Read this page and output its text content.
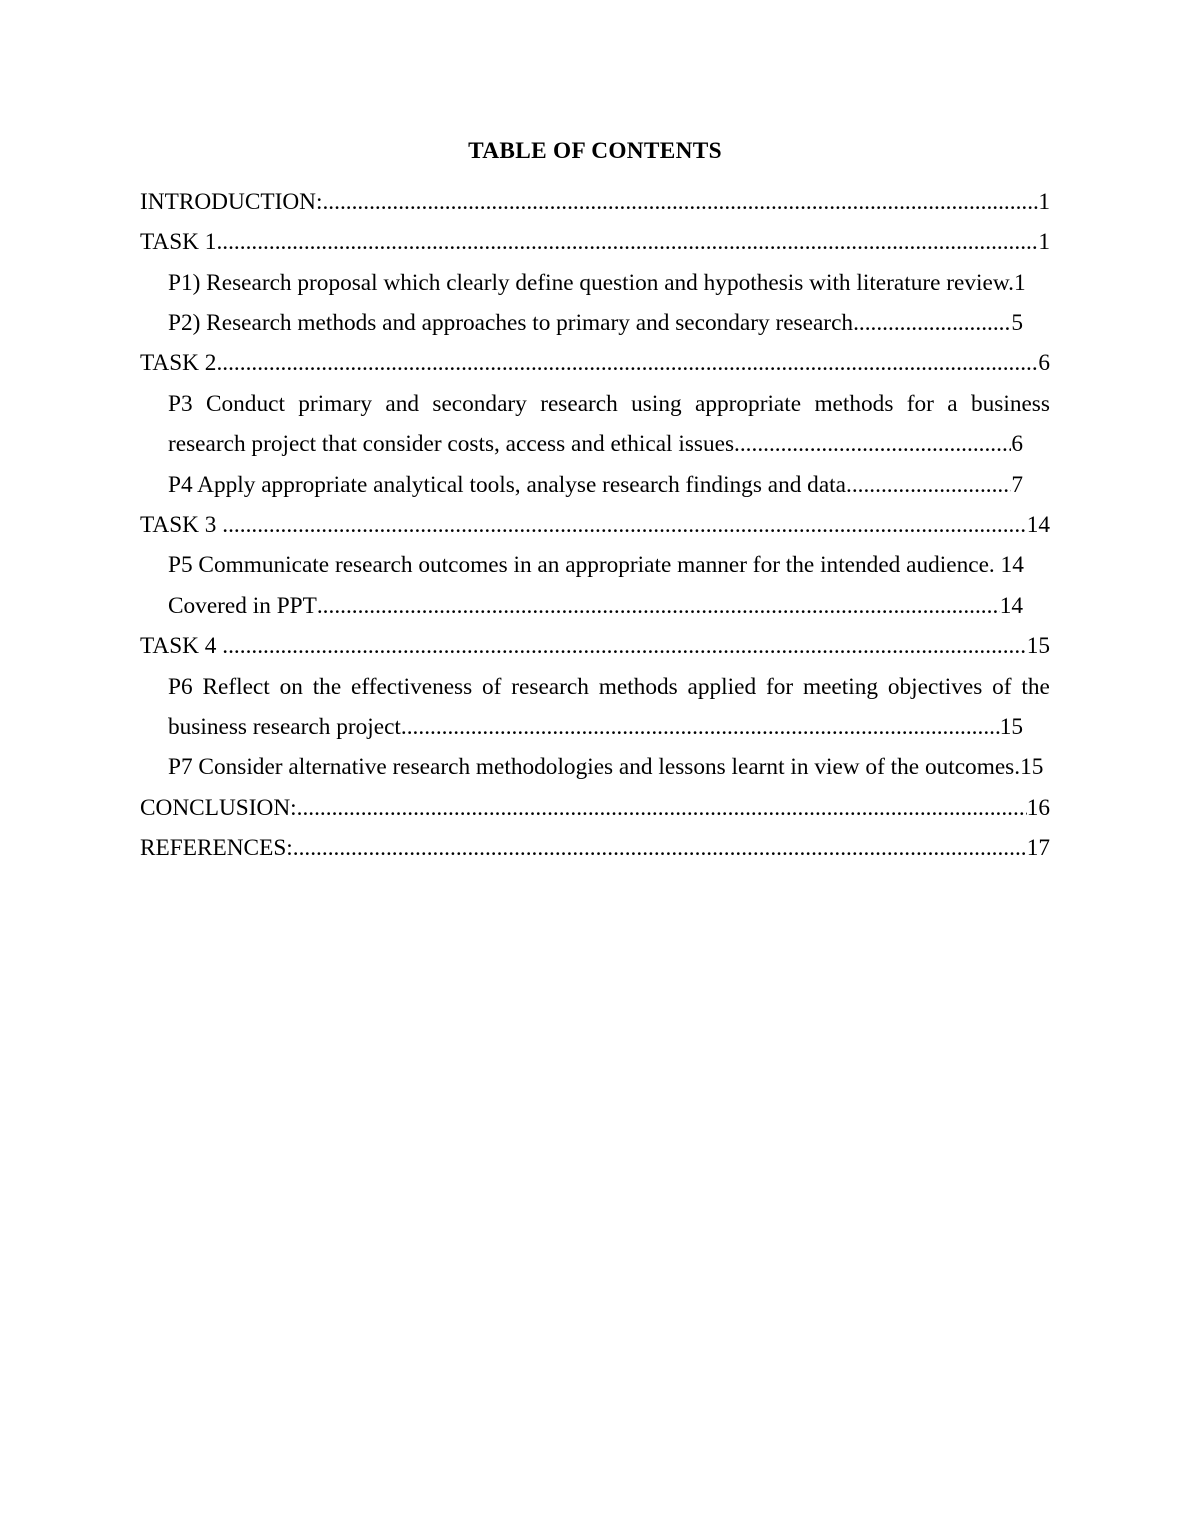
TABLE OF CONTENTS
INTRODUCTION: .....	1
TASK 1 .....	1
P1) Research proposal which clearly define question and hypothesis with literature review.1
P2) Research methods and approaches to primary and secondary research .....	5
TASK 2 .....	6
P3 Conduct primary and secondary research using appropriate methods for a business
research project that consider costs, access and ethical issues .....	6
P4 Apply appropriate analytical tools, analyse research findings and data .....	7
TASK 3 .....	14
P5 Communicate research outcomes in an appropriate manner for the intended audience. 14
Covered in PPT .....	14
TASK 4 .....	15
P6 Reflect on the effectiveness of research methods applied for meeting objectives of the
business research project .....	15
P7 Consider alternative research methodologies and lessons learnt in view of the outcomes.15
CONCLUSION: .....	16
REFERENCES: .....	17
